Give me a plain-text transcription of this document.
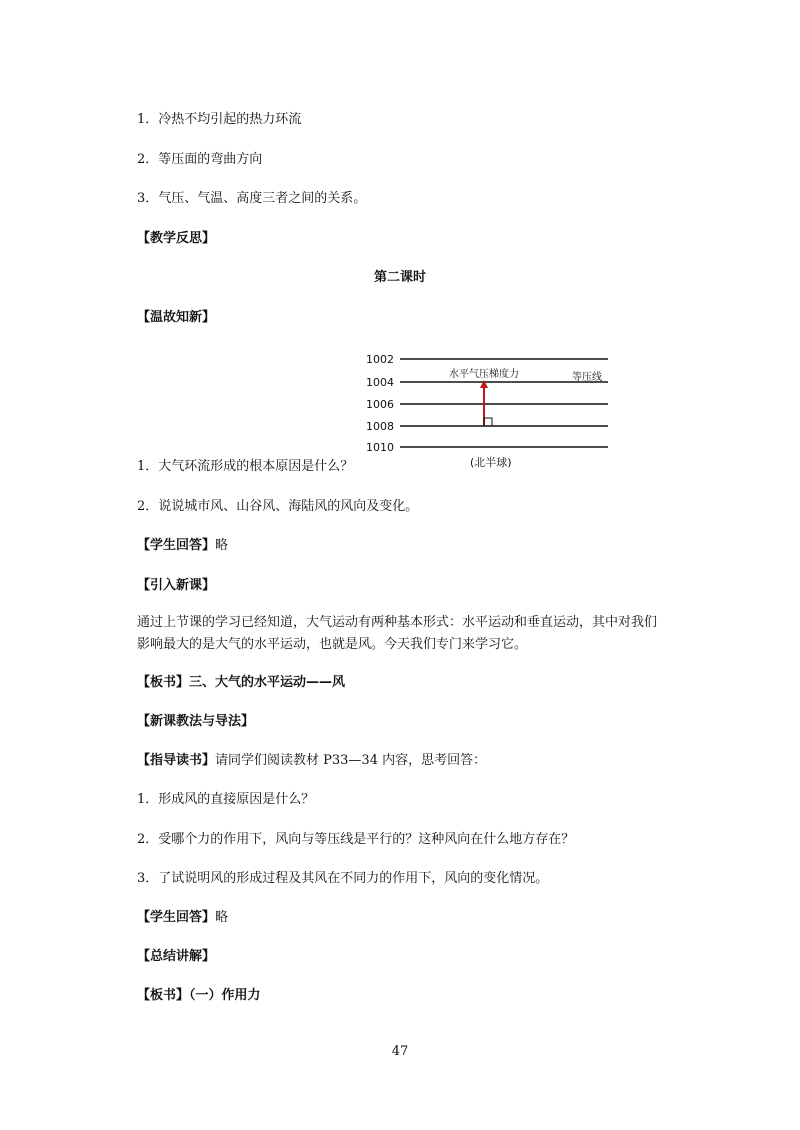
1．冷热不均引起的热力环流
2．等压面的弯曲方向
3．气压、气温、高度三者之间的关系。
【教学反思】
第二课时
【温故知新】
1002
1004
1006
1008
1010
水平气压梯度力	等压线
(北半球)
1．大气环流形成的根本原因是什么？
2．说说城市风、山谷风、海陆风的风向及变化。
【学生回答】略
【引入新课】
通过上节课的学习已经知道，大气运动有两种基本形式：水平运动和垂直运动，其中对我们影响最大的是大气的水平运动，也就是风。今天我们专门来学习它。
【板书】三、大气的水平运动——风
【新课教法与导法】
【指导读书】请同学们阅读教材 P33—34 内容，思考回答：
1．形成风的直接原因是什么？
2．受哪个力的作用下，风向与等压线是平行的？这种风向在什么地方存在？
3．了试说明风的形成过程及其风在不同力的作用下，风向的变化情况。
【学生回答】略
【总结讲解】
【板书】（一）作用力
47
